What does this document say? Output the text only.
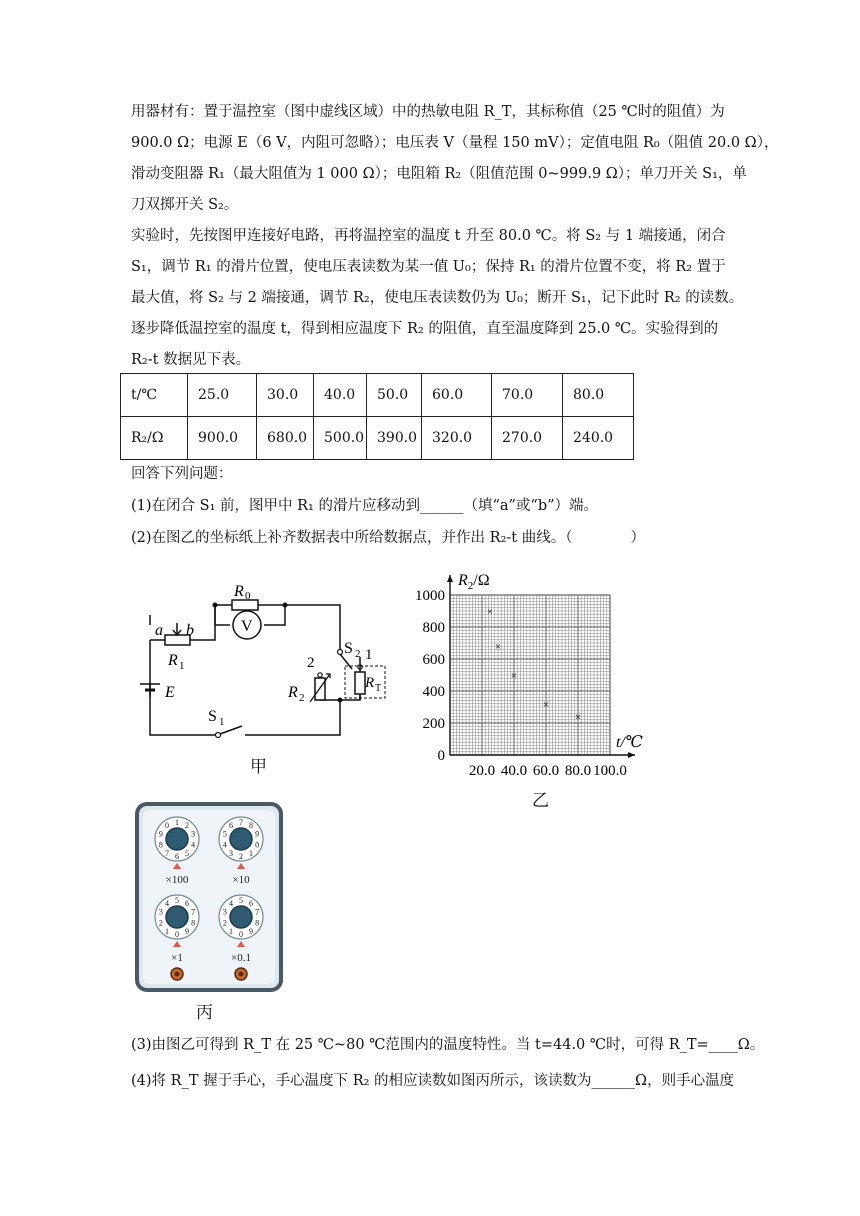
用器材有：置于温控室（图中虚线区域）中的热敏电阻 R_T，其标称值（25 ℃时的阻值）为
900.0 Ω；电源 E（6 V，内阻可忽略）；电压表 V（量程 150 mV）；定值电阻 R₀（阻值 20.0 Ω），
滑动变阻器 R₁（最大阻值为 1 000 Ω）；电阻箱 R₂（阻值范围 0~999.9 Ω）；单刀开关 S₁，单
刀双掷开关 S₂。
实验时，先按图甲连接好电路，再将温控室的温度 t 升至 80.0 ℃。将 S₂ 与 1 端接通，闭合
S₁，调节 R₁ 的滑片位置，使电压表读数为某一值 U₀；保持 R₁ 的滑片位置不变，将 R₂ 置于
最大值，将 S₂ 与 2 端接通，调节 R₂，使电压表读数仍为 U₀；断开 S₁，记下此时 R₂ 的读数。
逐步降低温控室的温度 t，得到相应温度下 R₂ 的阻值，直至温度降到 25.0 ℃。实验得到的
R₂-t 数据见下表。
t/℃	25.0	30.0	40.0	50.0	60.0	70.0	80.0
R₂/Ω	900.0	680.0	500.0	390.0	320.0	270.0	240.0

回答下列问题：

(1)在闭合 S₁ 前，图甲中 R₁ 的滑片应移动到______（填“a”或“b”）端。

(2)在图乙的坐标纸上补齐数据表中所给数据点，并作出 R₂-t 曲线。（　　　　）

V
R 0
a b
R 1
E
S 1
S 2
2	1
R 2
R T
甲
×
×
×
×
×
1000
800
600
400
200
0
20.0 40.0 60.0 80.0 100.0
$R_2/\Omega$
t/℃
乙
0 1 2
3
4
5
6
7
8
9
×100
0
1
2
3
4
5
6 7 8
9
×10
0
1
2
3
4 5 6
7
8
9
×1
0
1
2
3
4 5 6
7
8
9
×0.1
丙

(3)由图乙可得到 R_T 在 25 ℃~80 ℃范围内的温度特性。当 t=44.0 ℃时，可得 R_T=____Ω。

(4)将 R_T 握于手心，手心温度下 R₂ 的相应读数如图丙所示，该读数为______Ω，则手心温度
